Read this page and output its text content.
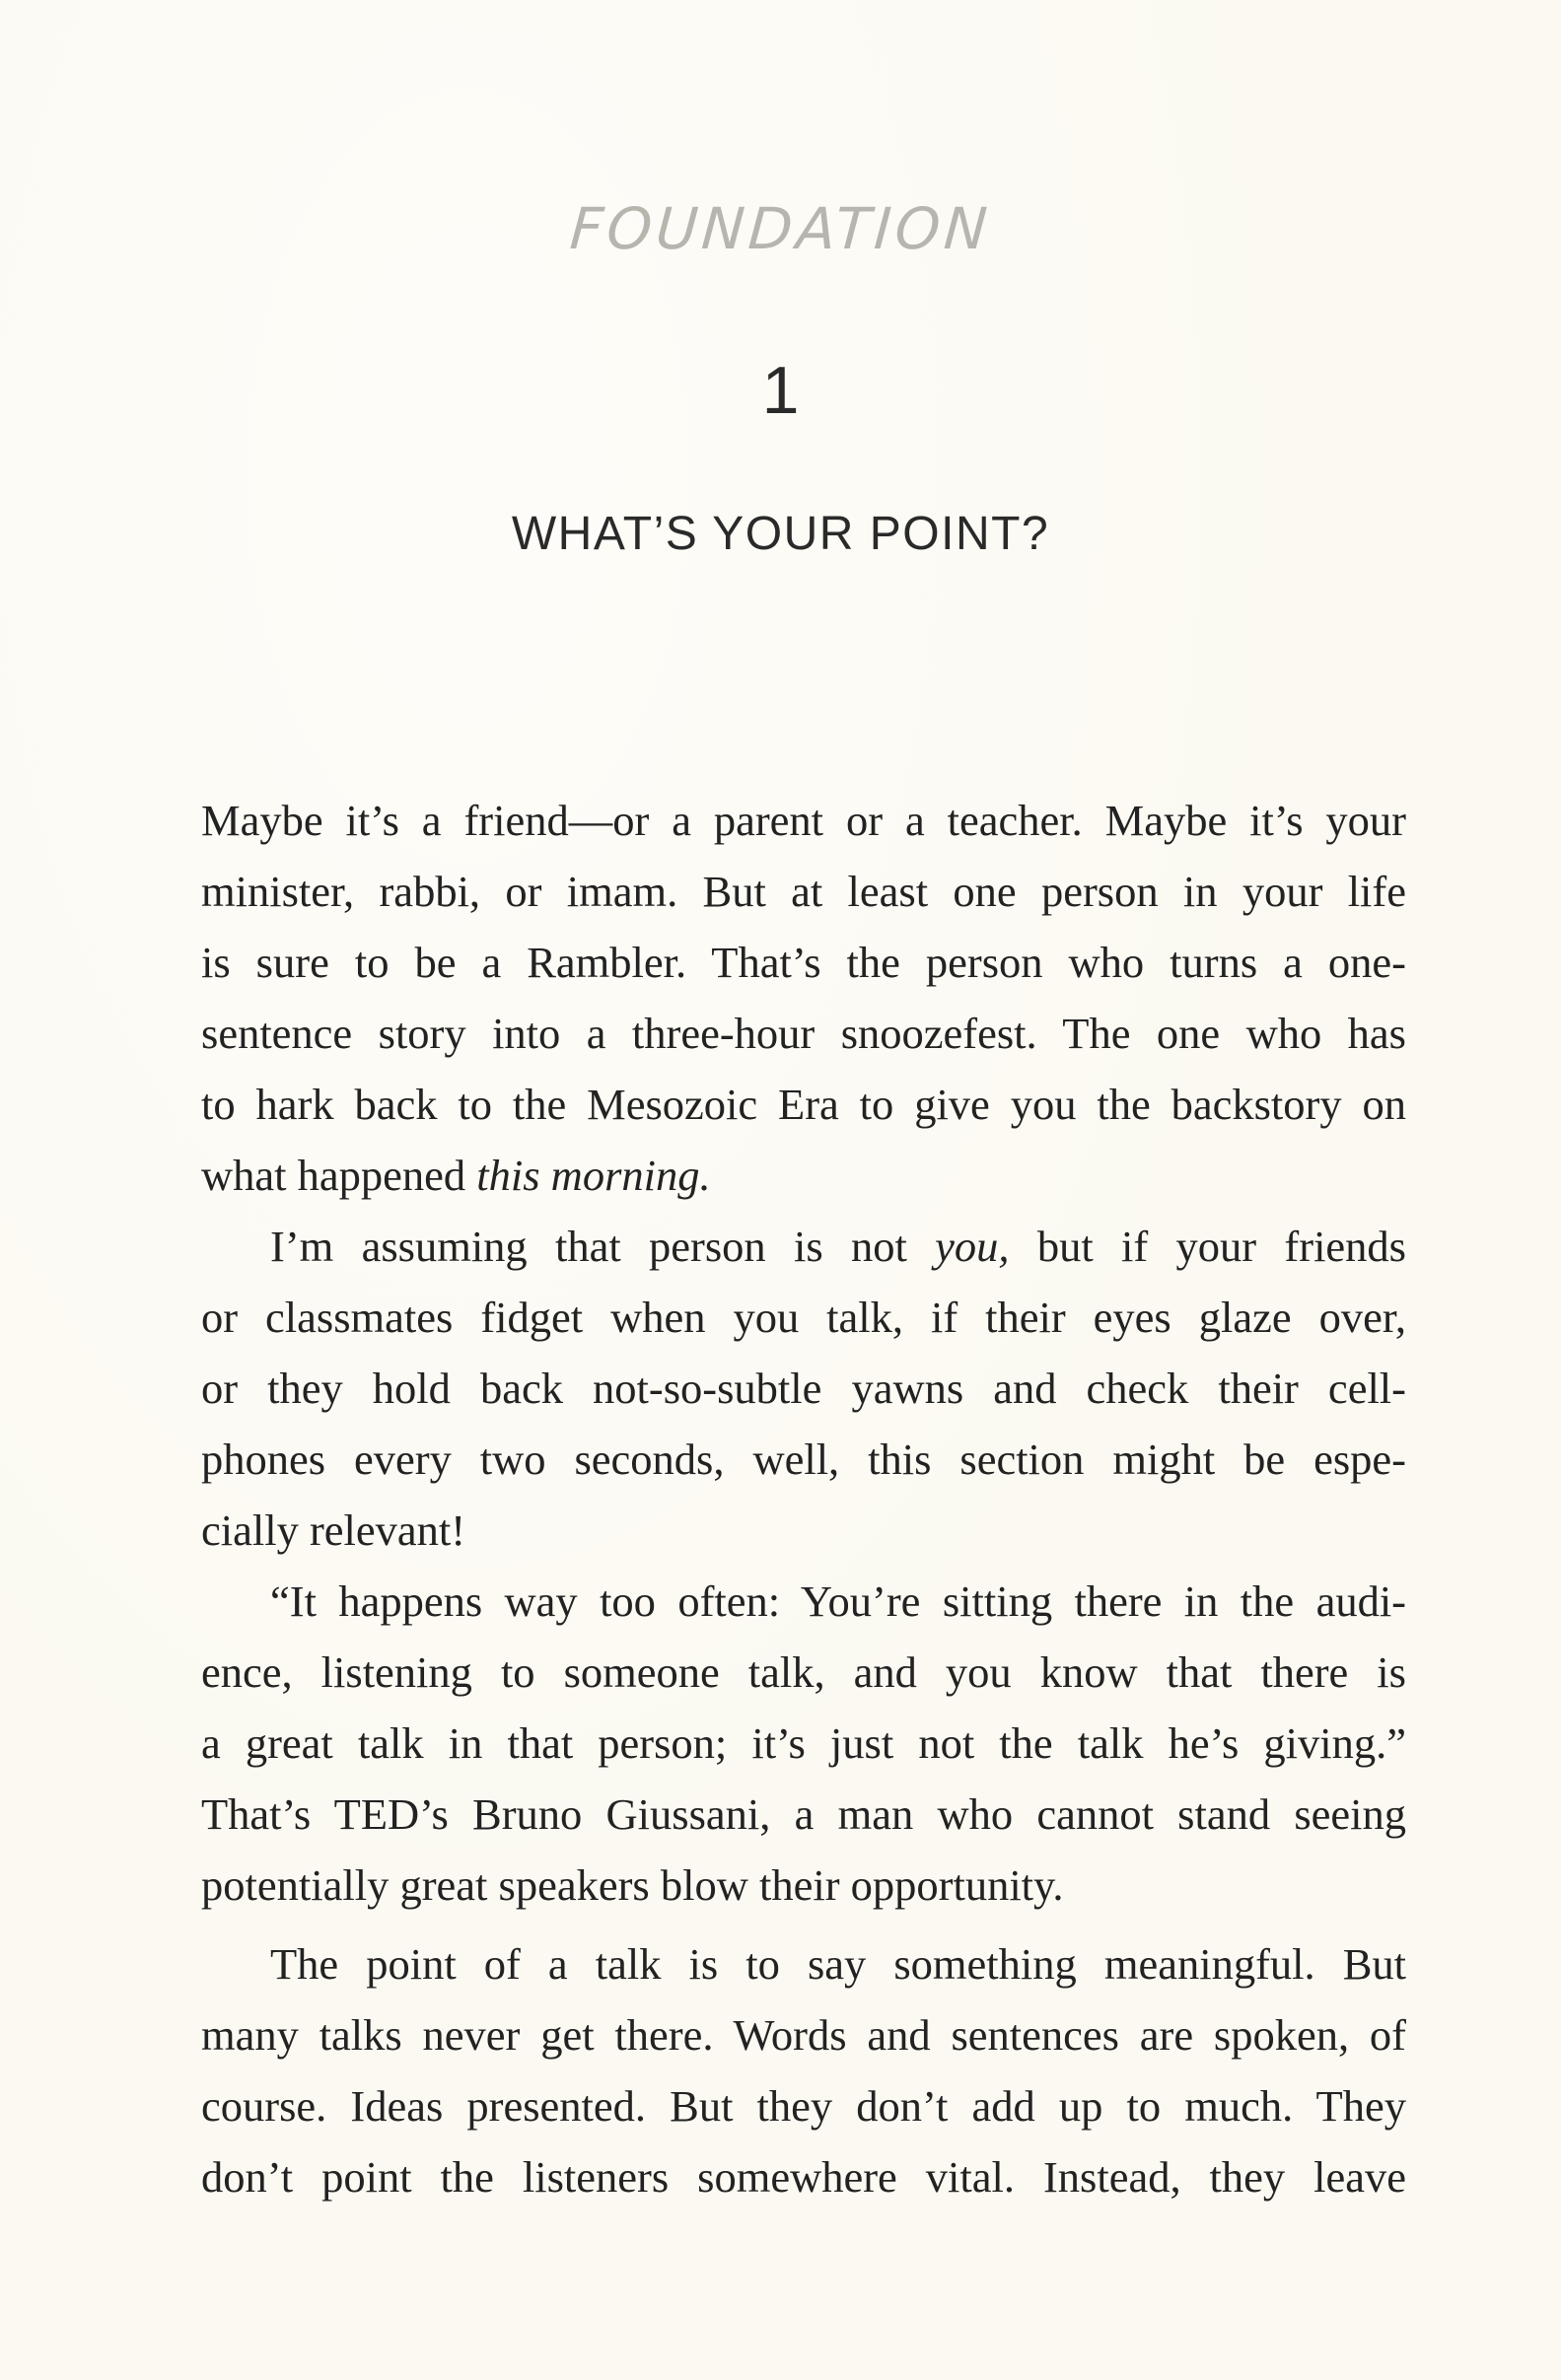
FOUNDATION
1
WHAT’S YOUR POINT?
Maybe it’s a friend—or a parent or a teacher. Maybe it’s your
minister, rabbi, or imam. But at least one person in your life
is sure to be a Rambler. That’s the person who turns a one-
sentence story into a three-hour snoozefest. The one who has
to hark back to the Mesozoic Era to give you the backstory on
what happened this morning.
I’m assuming that person is not you, but if your friends
or classmates fidget when you talk, if their eyes glaze over,
or they hold back not-so-subtle yawns and check their cell-
phones every two seconds, well, this section might be espe-
cially relevant!
“It happens way too often: You’re sitting there in the audi-
ence, listening to someone talk, and you know that there is
a great talk in that person; it’s just not the talk he’s giving.”
That’s TED’s Bruno Giussani, a man who cannot stand seeing
potentially great speakers blow their opportunity.
The point of a talk is to say something meaningful. But
many talks never get there. Words and sentences are spoken, of
course. Ideas presented. But they don’t add up to much. They
don’t point the listeners somewhere vital. Instead, they leave
